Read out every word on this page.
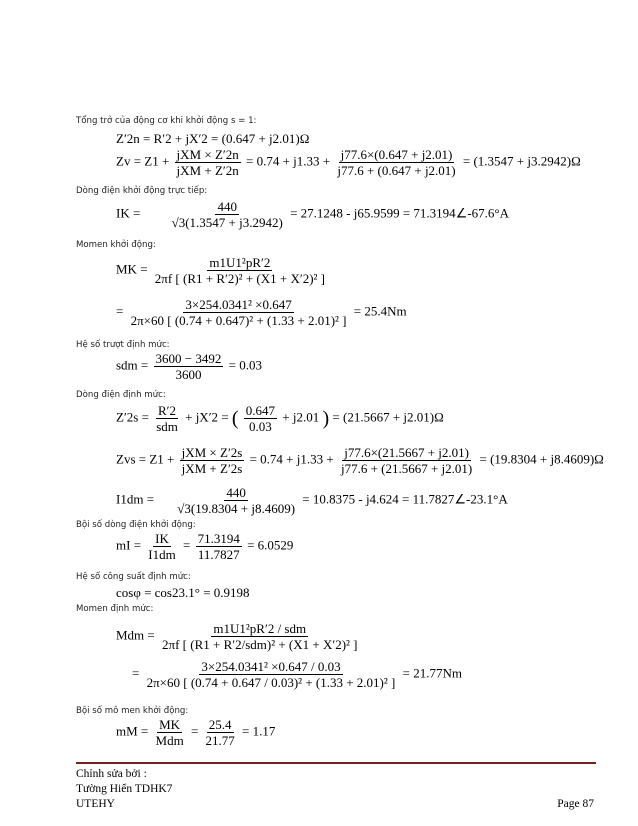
Tổng trở của động cơ khi khởi động s = 1:
Z′2n = R′2 + jX′2 = (0.647 + j2.01)Ω
$Zv = Z1 + \frac{\text{jXM × Z′2n}}{\text{jXM + Z′2n}} = 0.74 + j1.33 + \frac{j77.6\times(0.647 + j2.01)}{j77.6 + (0.647 + j2.01)} = (1.3547 + j3.2942)\Omega$
Dòng điện khởi động trực tiếp:
IK = $\frac{440}{√3(1.3547 + j3.2942)} = 27.1248 - j65.9599$ = 71.3194∠-67.6°A
Momen khởi động:
MK = $\frac{\text{m1U1²pR′2}}{\text{2πf [ (R1 + R′2)² + (X1 + X′2)² ]}}$
= $\frac{\text{3×254.0341² ×0.647}}{\text{2π×60 [ (0.74 + 0.647)² + (1.33 + 2.01)² ]}} = 25.4Nm$
Hệ số trượt định mức:
sdm = $\frac{3600 - 3492}{3600} = 0.03$
Dòng điện định mức:
$Z'2s = \frac{R'2}{\text{sdm}} + jX'2$ = ( $\frac{0.647}{0.03} + j2.01$ ) = (21.5667 + j2.01)Ω
Zvs = $Z1 + \frac{\text{jXM × Z′2s}}{\text{jXM + Z′2s}} = 0.74 + j1.33 + \frac{j77.6\times(21.5667 + j2.01)}{j77.6 + (21.5667 + j2.01)} = (19.8304 + j8.4609)\Omega$
$I1dm = \frac{440}{√3(19.8304 + j8.4609)} = 10.8375 - j4.624$ = 11.7827∠-23.1°A
Bội số dòng điện khởi động:
mI = $\frac{IK}{I1dm} = \frac{71.3194}{11.7827} = 6.0529$
Hệ số công suất định mức:
cosφ = cos23.1° = 0.9198
Momen định mức:
Mdm = $\frac{\text{m1U1²pR′2 / sdm}}{\text{2πf [ (R1 + R′2/sdm)² + (X1 + X′2)² ]}}$
= $\frac{\text{3×254.0341² ×0.647 / 0.03}}{\text{2π×60 [ (0.74 + 0.647 / 0.03)² + (1.33 + 2.01)² ]}} = 21.77Nm$
Bội số mô men khởi động:
mM = $\frac{MK}{\text{Mdm}} = \frac{25.4}{21.77} = 1.17$
Chỉnh sửa bởi :
Tường Hiển TDHK7
UTEHY	Page 87
